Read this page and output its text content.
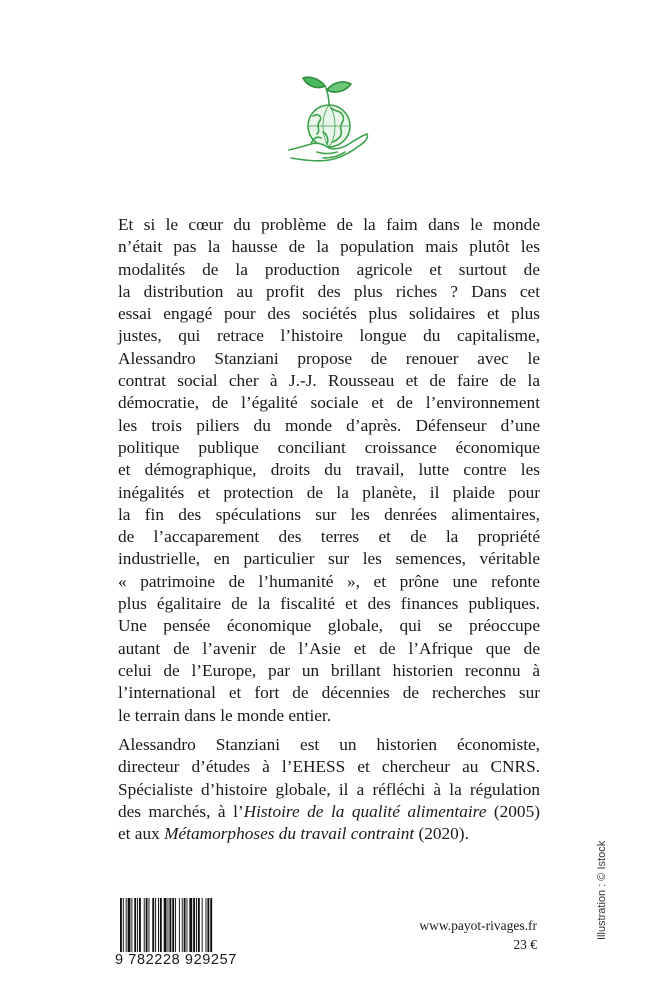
Et si le cœur du problème de la faim dans le monde
n’était pas la hausse de la population mais plutôt les
modalités de la production agricole et surtout de
la distribution au profit des plus riches ? Dans cet
essai engagé pour des sociétés plus solidaires et plus
justes, qui retrace l’histoire longue du capitalisme,
Alessandro Stanziani propose de renouer avec le
contrat social cher à J.-J. Rousseau et de faire de la
démocratie, de l’égalité sociale et de l’environnement
les trois piliers du monde d’après. Défenseur d’une
politique publique conciliant croissance économique
et démographique, droits du travail, lutte contre les
inégalités et protection de la planète, il plaide pour
la fin des spéculations sur les denrées alimentaires,
de l’accaparement des terres et de la propriété
industrielle, en particulier sur les semences, véritable
« patrimoine de l’humanité », et prône une refonte
plus égalitaire de la fiscalité et des finances publiques.
Une pensée économique globale, qui se préoccupe
autant de l’avenir de l’Asie et de l’Afrique que de
celui de l’Europe, par un brillant historien reconnu à
l’international et fort de décennies de recherches sur
le terrain dans le monde entier.
Alessandro Stanziani est un historien économiste,
directeur d’études à l’EHESS et chercheur au CNRS.
Spécialiste d’histoire globale, il a réfléchi à la régulation
des marchés, à l’Histoire de la qualité alimentaire (2005)
et aux Métamorphoses du travail contraint (2020).
9 782228 929257
www.payot-rivages.fr
23 €
Illustration : © Istock
